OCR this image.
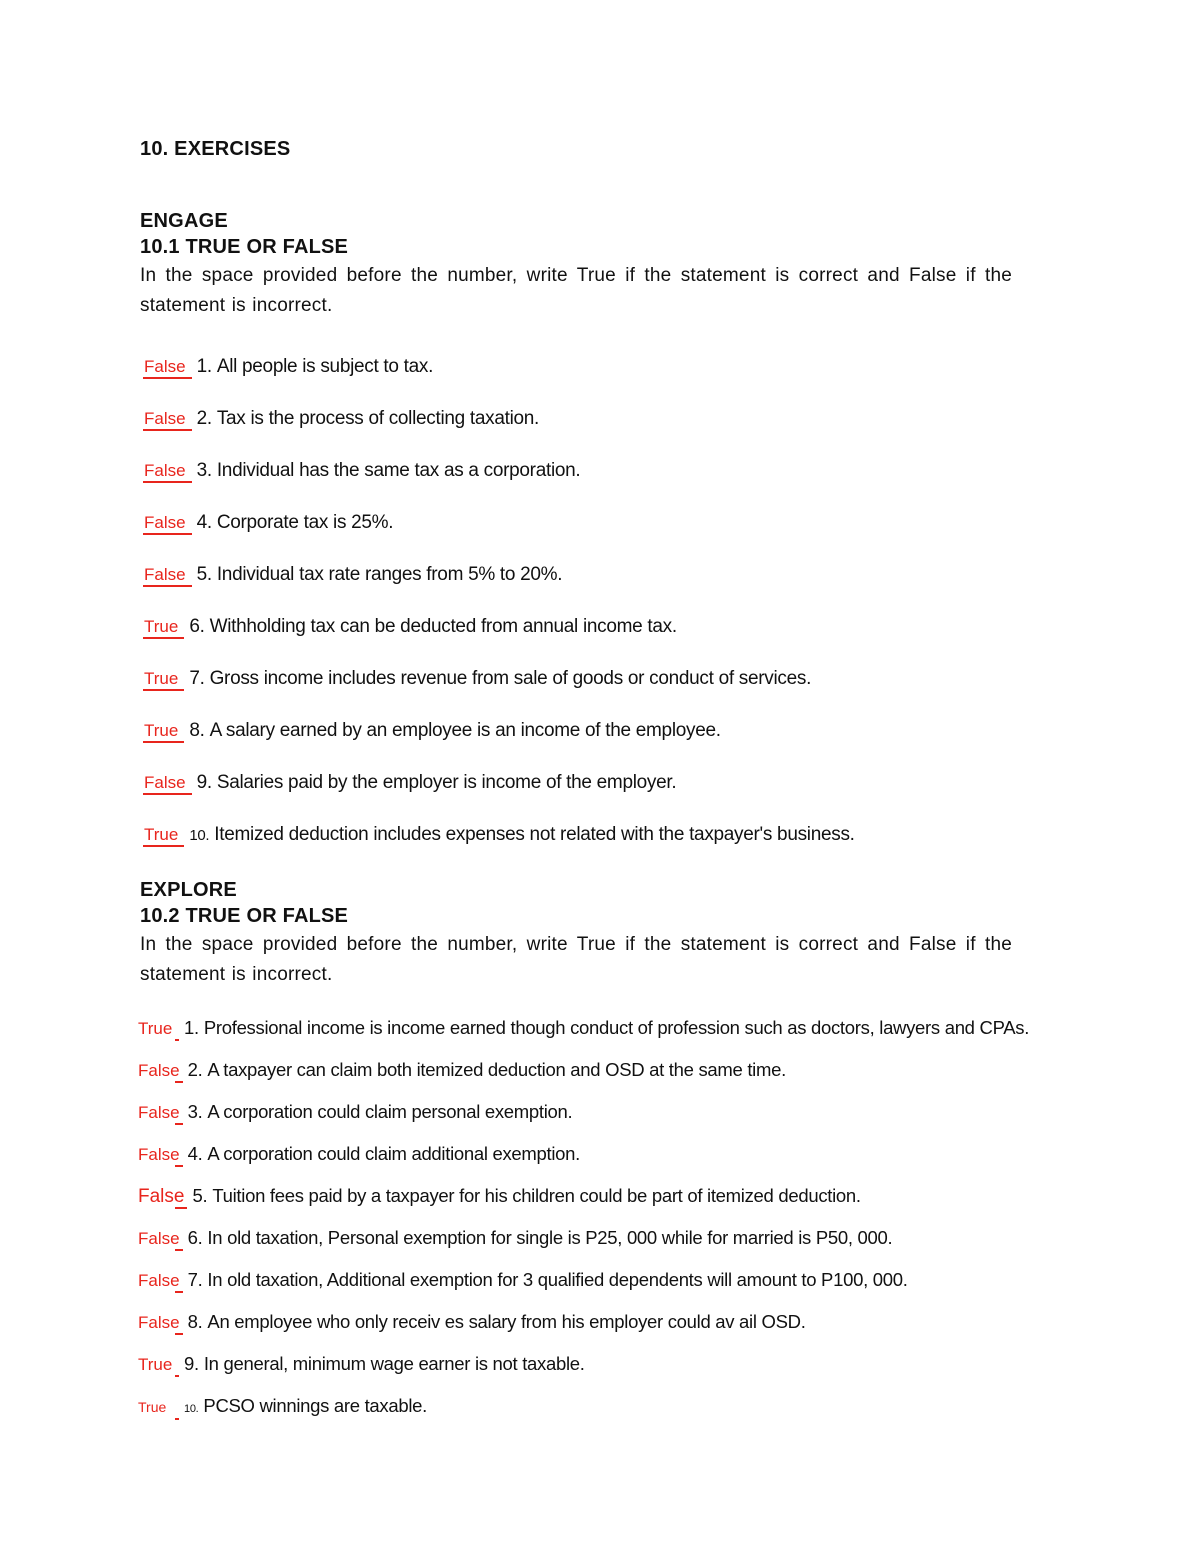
10. EXERCISES
ENGAGE
10.1 TRUE OR FALSE

In the space provided before the number, write True if the statement is correct and False if the statement is incorrect.

False 1. All people is subject to tax.
False 2. Tax is the process of collecting taxation.
False 3. Individual has the same tax as a corporation.
False 4. Corporate tax is 25%.
False 5. Individual tax rate ranges from 5% to 20%.
True 6. Withholding tax can be deducted from annual income tax.
True 7. Gross income includes revenue from sale of goods or conduct of services.
True 8. A salary earned by an employee is an income of the employee.
False 9. Salaries paid by the employer is income of the employer.
True 10. Itemized deduction includes expenses not related with the taxpayer's business.
EXPLORE
10.2 TRUE OR FALSE

In the space provided before the number, write True if the statement is correct and False if the statement is incorrect.

True 1. Professional income is income earned though conduct of profession such as doctors, lawyers and CPAs.
False 2. A taxpayer can claim both itemized deduction and OSD at the same time.
False 3. A corporation could claim personal exemption.
False 4. A corporation could claim additional exemption.
False 5. Tuition fees paid by a taxpayer for his children could be part of itemized deduction.
False 6. In old taxation, Personal exemption for single is P25, 000 while for married is P50, 000.
False 7. In old taxation, Additional exemption for 3 qualified dependents will amount to P100, 000.
False 8. An employee who only receiv es salary from his employer could av ail OSD.
True 9. In general, minimum wage earner is not taxable.
True 10. PCSO winnings are taxable.
